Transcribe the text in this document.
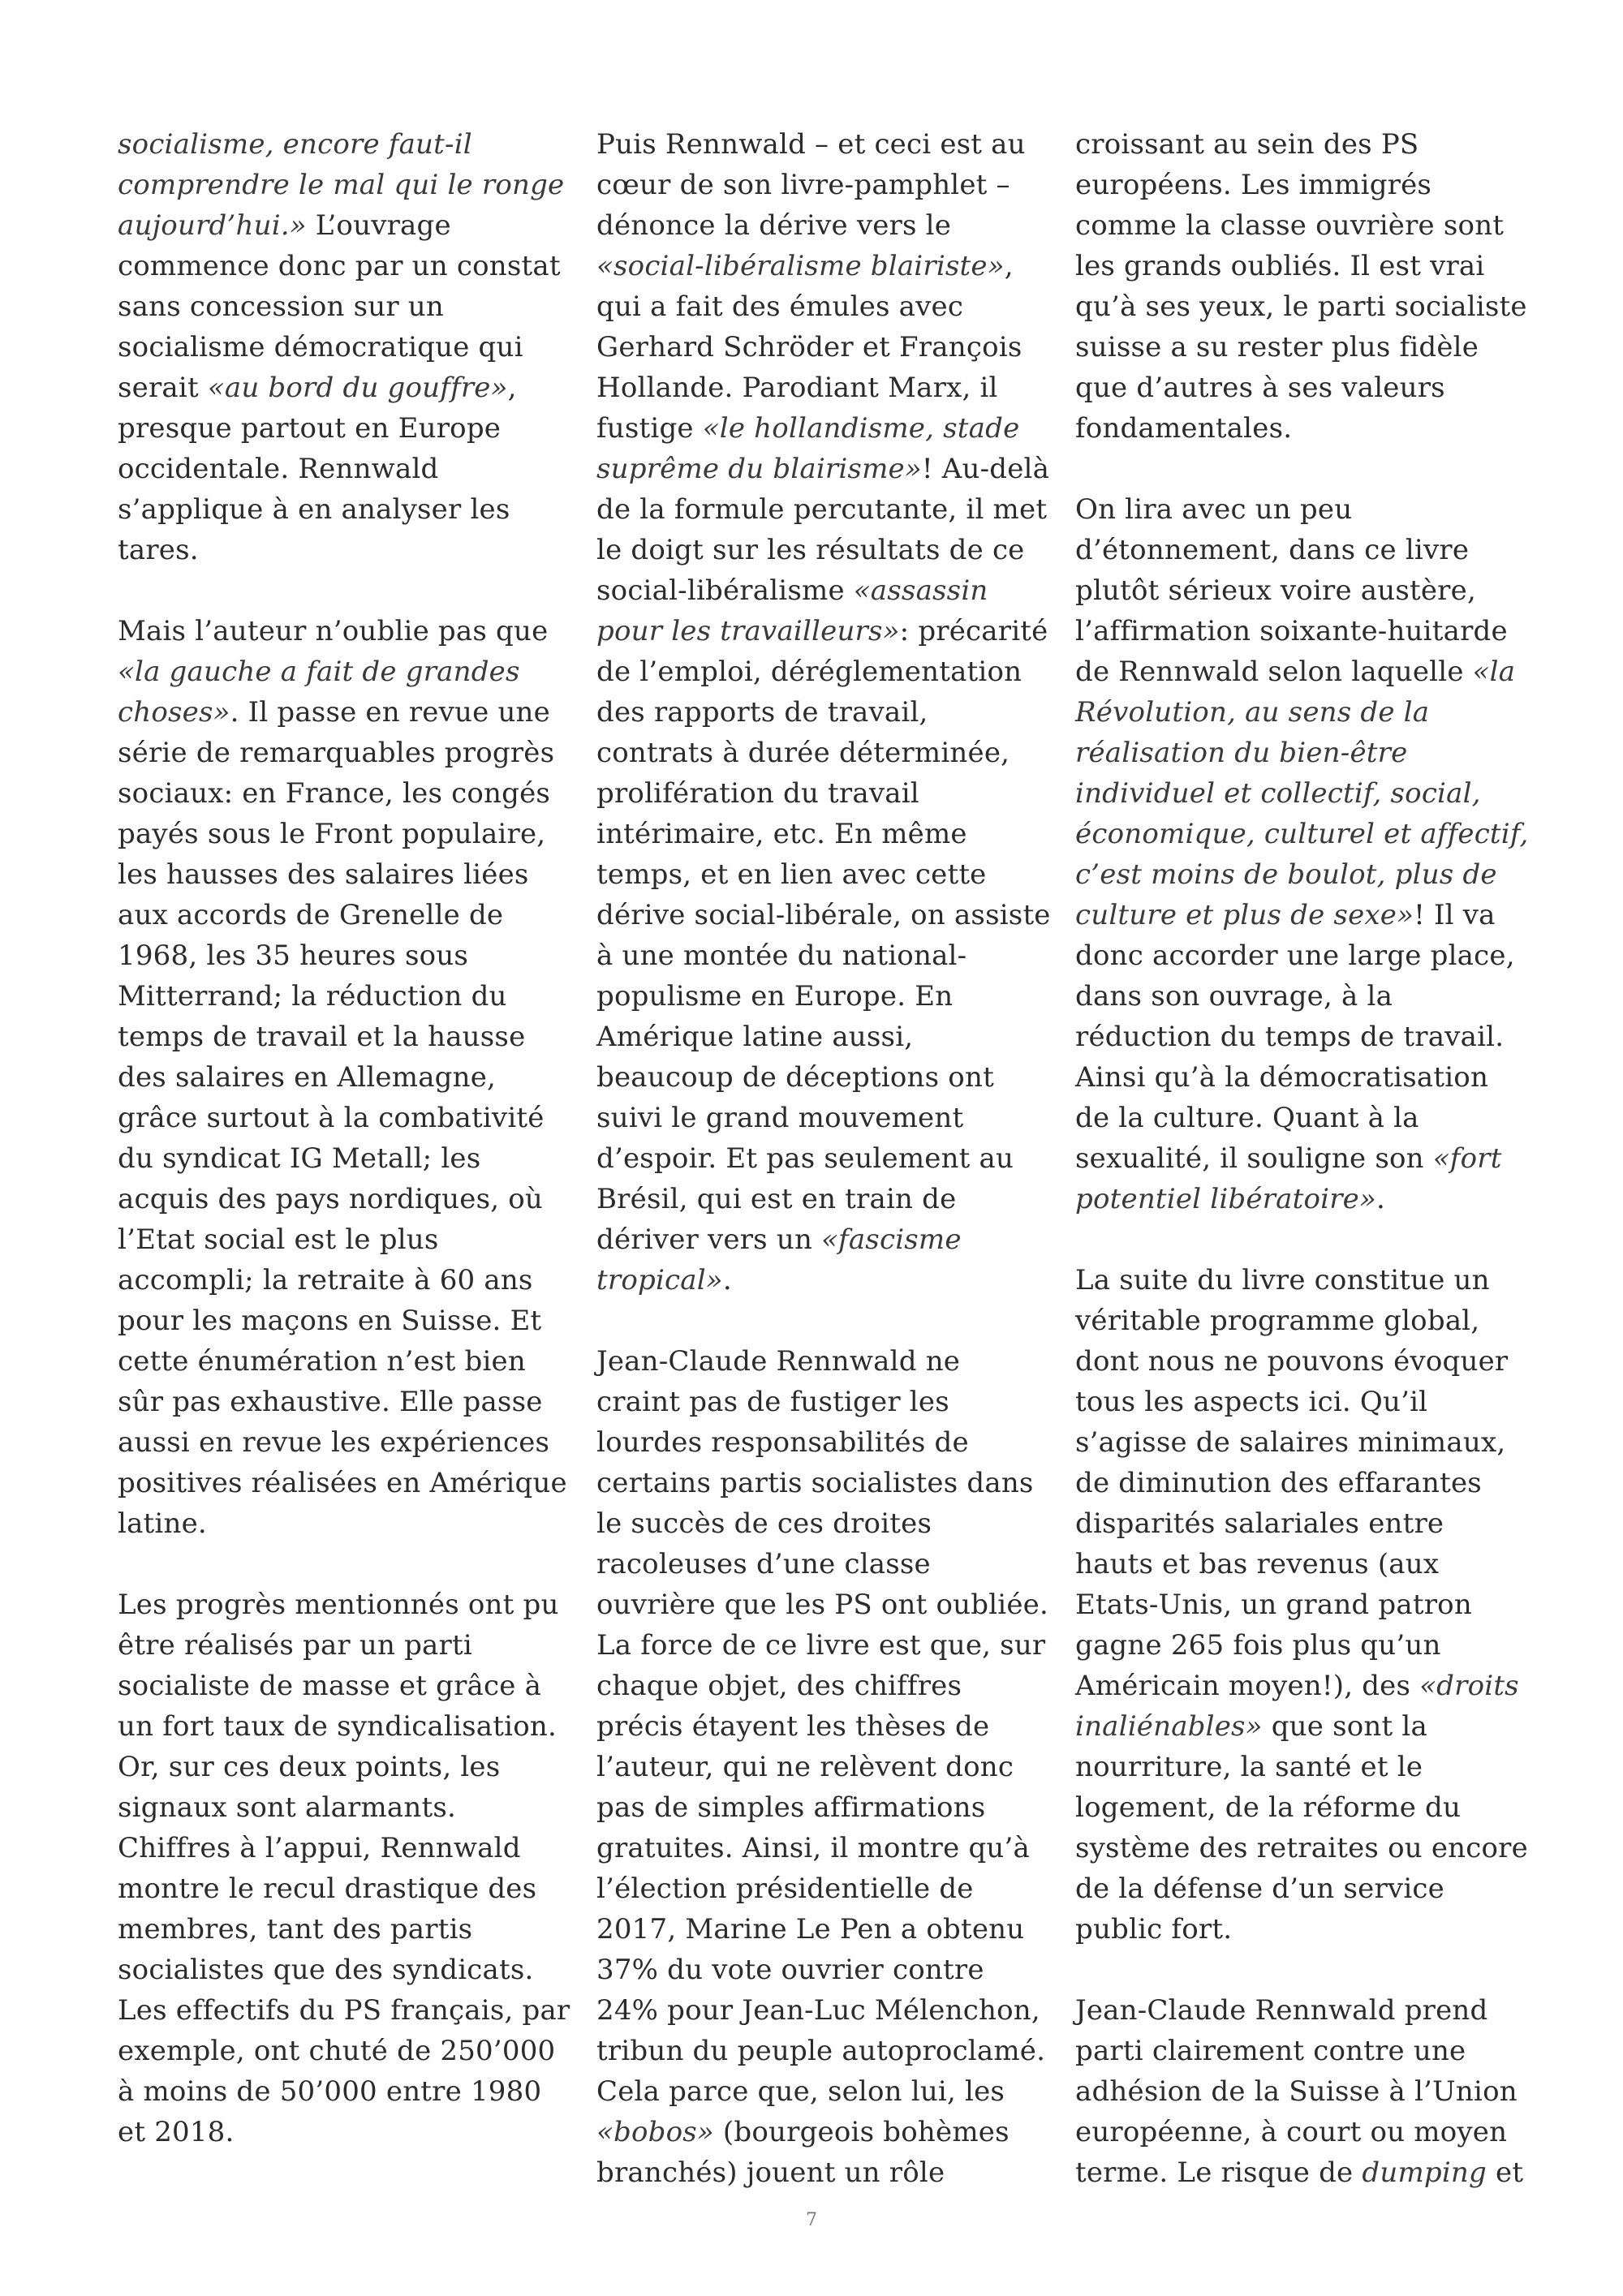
socialisme, encore faut-il comprendre le mal qui le ronge aujourd’hui.» L’ouvrage commence donc par un constat sans concession sur un socialisme démocratique qui serait «au bord du gouffre», presque partout en Europe occidentale. Rennwald s’applique à en analyser les tares.

Mais l’auteur n’oublie pas que «la gauche a fait de grandes choses». Il passe en revue une série de remarquables progrès sociaux: en France, les congés payés sous le Front populaire, les hausses des salaires liées aux accords de Grenelle de 1968, les 35 heures sous Mitterrand; la réduction du temps de travail et la hausse des salaires en Allemagne, grâce surtout à la combativité du syndicat IG Metall; les acquis des pays nordiques, où l’Etat social est le plus accompli; la retraite à 60 ans pour les maçons en Suisse. Et cette énumération n’est bien sûr pas exhaustive. Elle passe aussi en revue les expériences positives réalisées en Amérique latine.

Les progrès mentionnés ont pu être réalisés par un parti socialiste de masse et grâce à un fort taux de syndicalisation. Or, sur ces deux points, les signaux sont alarmants. Chiffres à l’appui, Rennwald montre le recul drastique des membres, tant des partis socialistes que des syndicats. Les effectifs du PS français, par exemple, ont chuté de 250’000 à moins de 50’000 entre 1980 et 2018.

Puis Rennwald – et ceci est au cœur de son livre-pamphlet – dénonce la dérive vers le «social-libéralisme blairiste», qui a fait des émules avec Gerhard Schröder et François Hollande. Parodiant Marx, il fustige «le hollandisme, stade suprême du blairisme»! Au-delà de la formule percutante, il met le doigt sur les résultats de ce social-libéralisme «assassin pour les travailleurs»: précarité de l’emploi, déréglementation des rapports de travail, contrats à durée déterminée, prolifération du travail intérimaire, etc. En même temps, et en lien avec cette dérive social-libérale, on assiste à une montée du national-populisme en Europe. En Amérique latine aussi, beaucoup de déceptions ont suivi le grand mouvement d’espoir. Et pas seulement au Brésil, qui est en train de dériver vers un «fascisme tropical».

Jean-Claude Rennwald ne craint pas de fustiger les lourdes responsabilités de certains partis socialistes dans le succès de ces droites racoleuses d’une classe ouvrière que les PS ont oubliée. La force de ce livre est que, sur chaque objet, des chiffres précis étayent les thèses de l’auteur, qui ne relèvent donc pas de simples affirmations gratuites. Ainsi, il montre qu’à l’élection présidentielle de 2017, Marine Le Pen a obtenu 37% du vote ouvrier contre 24% pour Jean-Luc Mélenchon, tribun du peuple autoproclamé. Cela parce que, selon lui, les «bobos» (bourgeois bohèmes branchés) jouent un rôle

croissant au sein des PS européens. Les immigrés comme la classe ouvrière sont les grands oubliés. Il est vrai qu’à ses yeux, le parti socialiste suisse a su rester plus fidèle que d’autres à ses valeurs fondamentales.

On lira avec un peu d’étonnement, dans ce livre plutôt sérieux voire austère, l’affirmation soixante-huitarde de Rennwald selon laquelle «la Révolution, au sens de la réalisation du bien-être individuel et collectif, social, économique, culturel et affectif, c’est moins de boulot, plus de culture et plus de sexe»! Il va donc accorder une large place, dans son ouvrage, à la réduction du temps de travail. Ainsi qu’à la démocratisation de la culture. Quant à la sexualité, il souligne son «fort potentiel libératoire».

La suite du livre constitue un véritable programme global, dont nous ne pouvons évoquer tous les aspects ici. Qu’il s’agisse de salaires minimaux, de diminution des effarantes disparités salariales entre hauts et bas revenus (aux Etats-Unis, un grand patron gagne 265 fois plus qu’un Américain moyen!), des «droits inaliénables» que sont la nourriture, la santé et le logement, de la réforme du système des retraites ou encore de la défense d’un service public fort.

Jean-Claude Rennwald prend parti clairement contre une adhésion de la Suisse à l’Union européenne, à court ou moyen terme. Le risque de dumping et

7
